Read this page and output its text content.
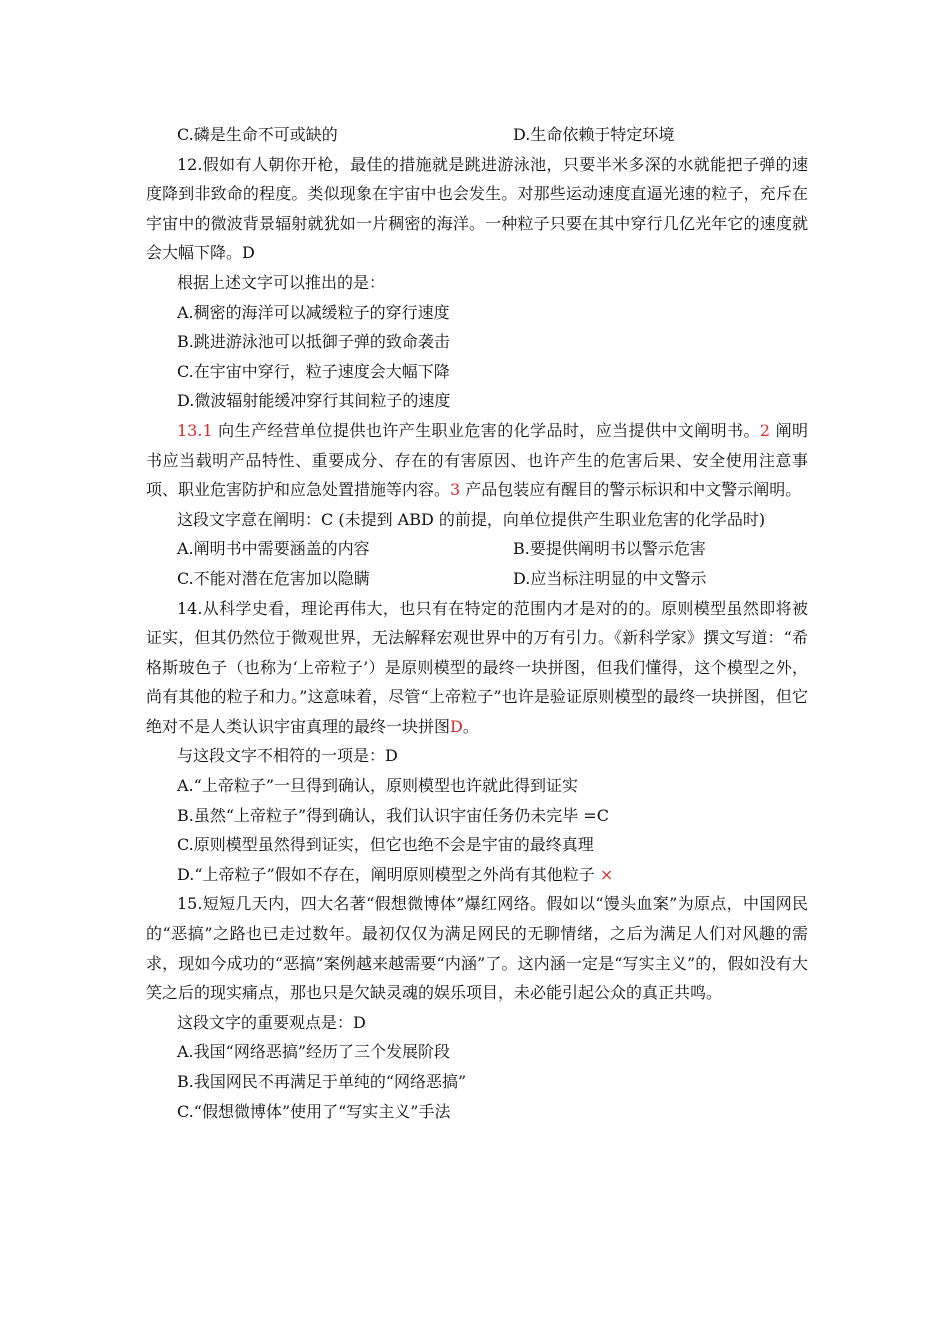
C.磷是生命不可或缺的	D.生命依赖于特定环境

12.假如有人朝你开枪，最佳的措施就是跳进游泳池，只要半米多深的水就能把子弹的速度降到非致命的程度。类似现象在宇宙中也会发生。对那些运动速度直逼光速的粒子，充斥在宇宙中的微波背景辐射就犹如一片稠密的海洋。一种粒子只要在其中穿行几亿光年它的速度就会大幅下降。D

根据上述文字可以推出的是：

A.稠密的海洋可以减缓粒子的穿行速度

B.跳进游泳池可以抵御子弹的致命袭击

C.在宇宙中穿行，粒子速度会大幅下降

D.微波辐射能缓冲穿行其间粒子的速度

13.1 向生产经营单位提供也许产生职业危害的化学品时，应当提供中文阐明书。2 阐明书应当载明产品特性、重要成分、存在的有害原因、也许产生的危害后果、安全使用注意事项、职业危害防护和应急处置措施等内容。3 产品包装应有醒目的警示标识和中文警示阐明。

这段文字意在阐明：C (未提到 ABD 的前提，向单位提供产生职业危害的化学品时)

A.阐明书中需要涵盖的内容	B.要提供阐明书以警示危害
C.不能对潜在危害加以隐瞒	D.应当标注明显的中文警示

14.从科学史看，理论再伟大，也只有在特定的范围内才是对的的。原则模型虽然即将被证实，但其仍然位于微观世界，无法解释宏观世界中的万有引力。《新科学家》撰文写道：“希格斯玻色子（也称为‘上帝粒子’）是原则模型的最终一块拼图，但我们懂得，这个模型之外，尚有其他的粒子和力。”这意味着，尽管“上帝粒子”也许是验证原则模型的最终一块拼图，但它绝对不是人类认识宇宙真理的最终一块拼图D。

与这段文字不相符的一项是：D

A.“上帝粒子”一旦得到确认，原则模型也许就此得到证实

B.虽然“上帝粒子”得到确认，我们认识宇宙任务仍未完毕 =C

C.原则模型虽然得到证实，但它也绝不会是宇宙的最终真理

D.“上帝粒子”假如不存在，阐明原则模型之外尚有其他粒子 ×

15.短短几天内，四大名著“假想微博体”爆红网络。假如以“馒头血案”为原点，中国网民的“恶搞”之路也已走过数年。最初仅仅为满足网民的无聊情绪，之后为满足人们对风趣的需求，现如今成功的“恶搞”案例越来越需要“内涵”了。这内涵一定是“写实主义”的，假如没有大笑之后的现实痛点，那也只是欠缺灵魂的娱乐项目，未必能引起公众的真正共鸣。

这段文字的重要观点是：D

A.我国“网络恶搞”经历了三个发展阶段

B.我国网民不再满足于单纯的“网络恶搞”

C.“假想微博体”使用了“写实主义”手法
